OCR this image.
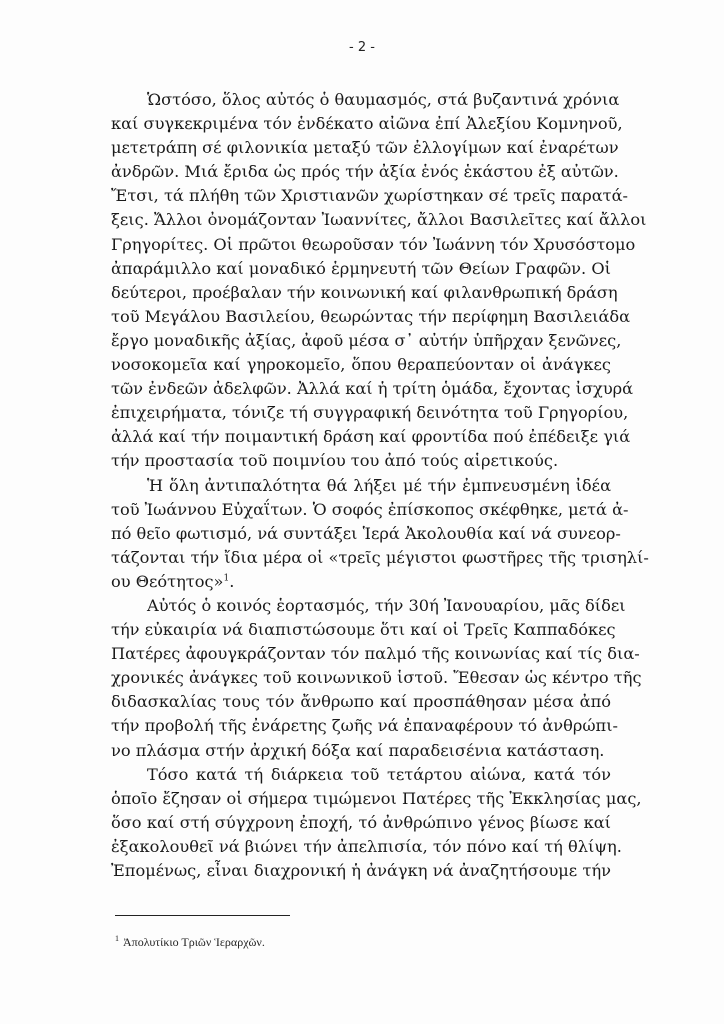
- 2 -
Ὡστόσο, ὅλος αὐτός ὁ θαυμασμός, στά βυζαντινά χρόνια
καί συγκεκριμένα τόν ἑνδέκατο αἰῶνα ἐπί Ἀλεξίου Κομνηνοῦ,
μετετράπη σέ φιλονικία μεταξύ τῶν ἐλλογίμων καί ἐναρέτων
ἀνδρῶν. Μιά ἔριδα ὡς πρός τήν ἀξία ἑνός ἑκάστου ἐξ αὐτῶν.
Ἔτσι, τά πλήθη τῶν Χριστιανῶν χωρίστηκαν σέ τρεῖς παρατά-
ξεις. Ἄλλοι ὀνομάζονταν Ἰωαννίτες, ἄλλοι Βασιλεῖτες καί ἄλλοι
Γρηγορίτες. Οἱ πρῶτοι θεωροῦσαν τόν Ἰωάννη τόν Χρυσόστομο
ἀπαράμιλλο καί μοναδικό ἑρμηνευτή τῶν Θείων Γραφῶν. Οἱ
δεύτεροι, προέβαλαν τήν κοινωνική καί φιλανθρωπική δράση
τοῦ Μεγάλου Βασιλείου, θεωρώντας τήν περίφημη Βασιλειάδα
ἔργο μοναδικῆς ἀξίας, ἀφοῦ μέσα σ᾽ αὐτήν ὑπῆρχαν ξενῶνες,
νοσοκομεῖα καί γηροκομεῖο, ὅπου θεραπεύονταν οἱ ἀνάγκες
τῶν ἐνδεῶν ἀδελφῶν. Ἀλλά καί ἡ τρίτη ὁμάδα, ἔχοντας ἰσχυρά
ἐπιχειρήματα, τόνιζε τή συγγραφική δεινότητα τοῦ Γρηγορίου,
ἀλλά καί τήν ποιμαντική δράση καί φροντίδα πού ἐπέδειξε γιά
τήν προστασία τοῦ ποιμνίου του ἀπό τούς αἱρετικούς.
Ἡ ὅλη ἀντιπαλότητα θά λήξει μέ τήν ἐμπνευσμένη ἰδέα
τοῦ Ἰωάννου Εὐχαΐτων. Ὁ σοφός ἐπίσκοπος σκέφθηκε, μετά ἀ-
πό θεῖο φωτισμό, νά συντάξει Ἱερά Ἀκολουθία καί νά συνεορ-
τάζονται τήν ἴδια μέρα οἱ «τρεῖς μέγιστοι φωστῆρες τῆς τρισηλί-
ου Θεότητος»$^1$.
Αὐτός ὁ κοινός ἑορτασμός, τήν 30ή Ἰανουαρίου, μᾶς δίδει
τήν εὐκαιρία νά διαπιστώσουμε ὅτι καί οἱ Τρεῖς Καππαδόκες
Πατέρες ἀφουγκράζονταν τόν παλμό τῆς κοινωνίας καί τίς δια-
χρονικές ἀνάγκες τοῦ κοινωνικοῦ ἱστοῦ. Ἔθεσαν ὡς κέντρο τῆς
διδασκαλίας τους τόν ἄνθρωπο καί προσπάθησαν μέσα ἀπό
τήν προβολή τῆς ἐνάρετης ζωῆς νά ἐπαναφέρουν τό ἀνθρώπι-
νο πλάσμα στήν ἀρχική δόξα καί παραδεισένια κατάσταση.
Τόσο κατά τή διάρκεια τοῦ τετάρτου αἰώνα, κατά τόν
ὁποῖο ἔζησαν οἱ σήμερα τιμώμενοι Πατέρες τῆς Ἐκκλησίας μας,
ὅσο καί στή σύγχρονη ἐποχή, τό ἀνθρώπινο γένος βίωσε καί
ἐξακολουθεῖ νά βιώνει τήν ἀπελπισία, τόν πόνο καί τή θλίψη.
Ἐπομένως, εἶναι διαχρονική ἡ ἀνάγκη νά ἀναζητήσουμε τήν
$^1$ Ἀπολυτίκιο Τριῶν Ἱεραρχῶν.
